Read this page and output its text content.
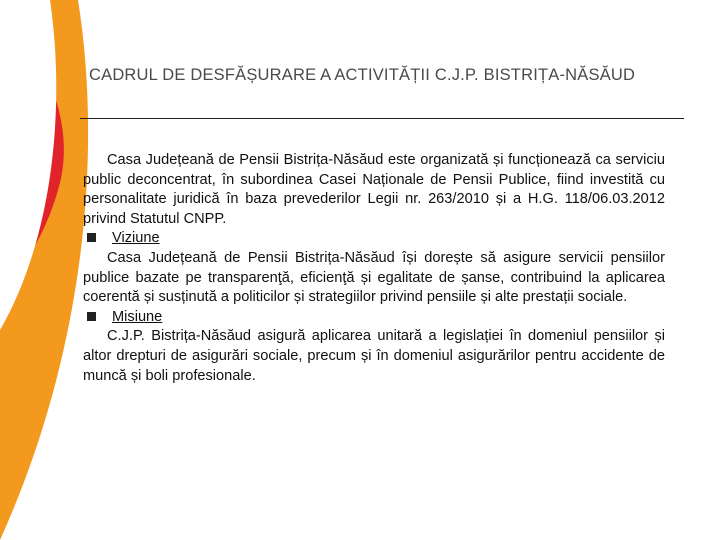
CADRUL DE DESFĂȘURARE A ACTIVITĂȚII C.J.P. BISTRIȚA-NĂSĂUD

Casa Județeană de Pensii Bistrița-Năsăud este organizată și funcționează ca serviciu public deconcentrat, în subordinea Casei Naționale de Pensii Publice, fiind investită cu personalitate juridică în baza prevederilor Legii nr. 263/2010 și a H.G. 118/06.03.2012 privind Statutul CNPP.

Viziune

Casa Județeană de Pensii Bistrița-Năsăud își dorește să asigure servicii pensiilor publice bazate pe transparenţă, eficienţă și egalitate de șanse, contribuind la aplicarea coerentă și susținută a politicilor și strategiilor privind pensiile și alte prestații sociale.

Misiune

C.J.P. Bistrița-Năsăud asigură aplicarea unitară a legislației în domeniul pensiilor și altor drepturi de asigurări sociale, precum și în domeniul asigurărilor pentru accidente de muncă și boli profesionale.
